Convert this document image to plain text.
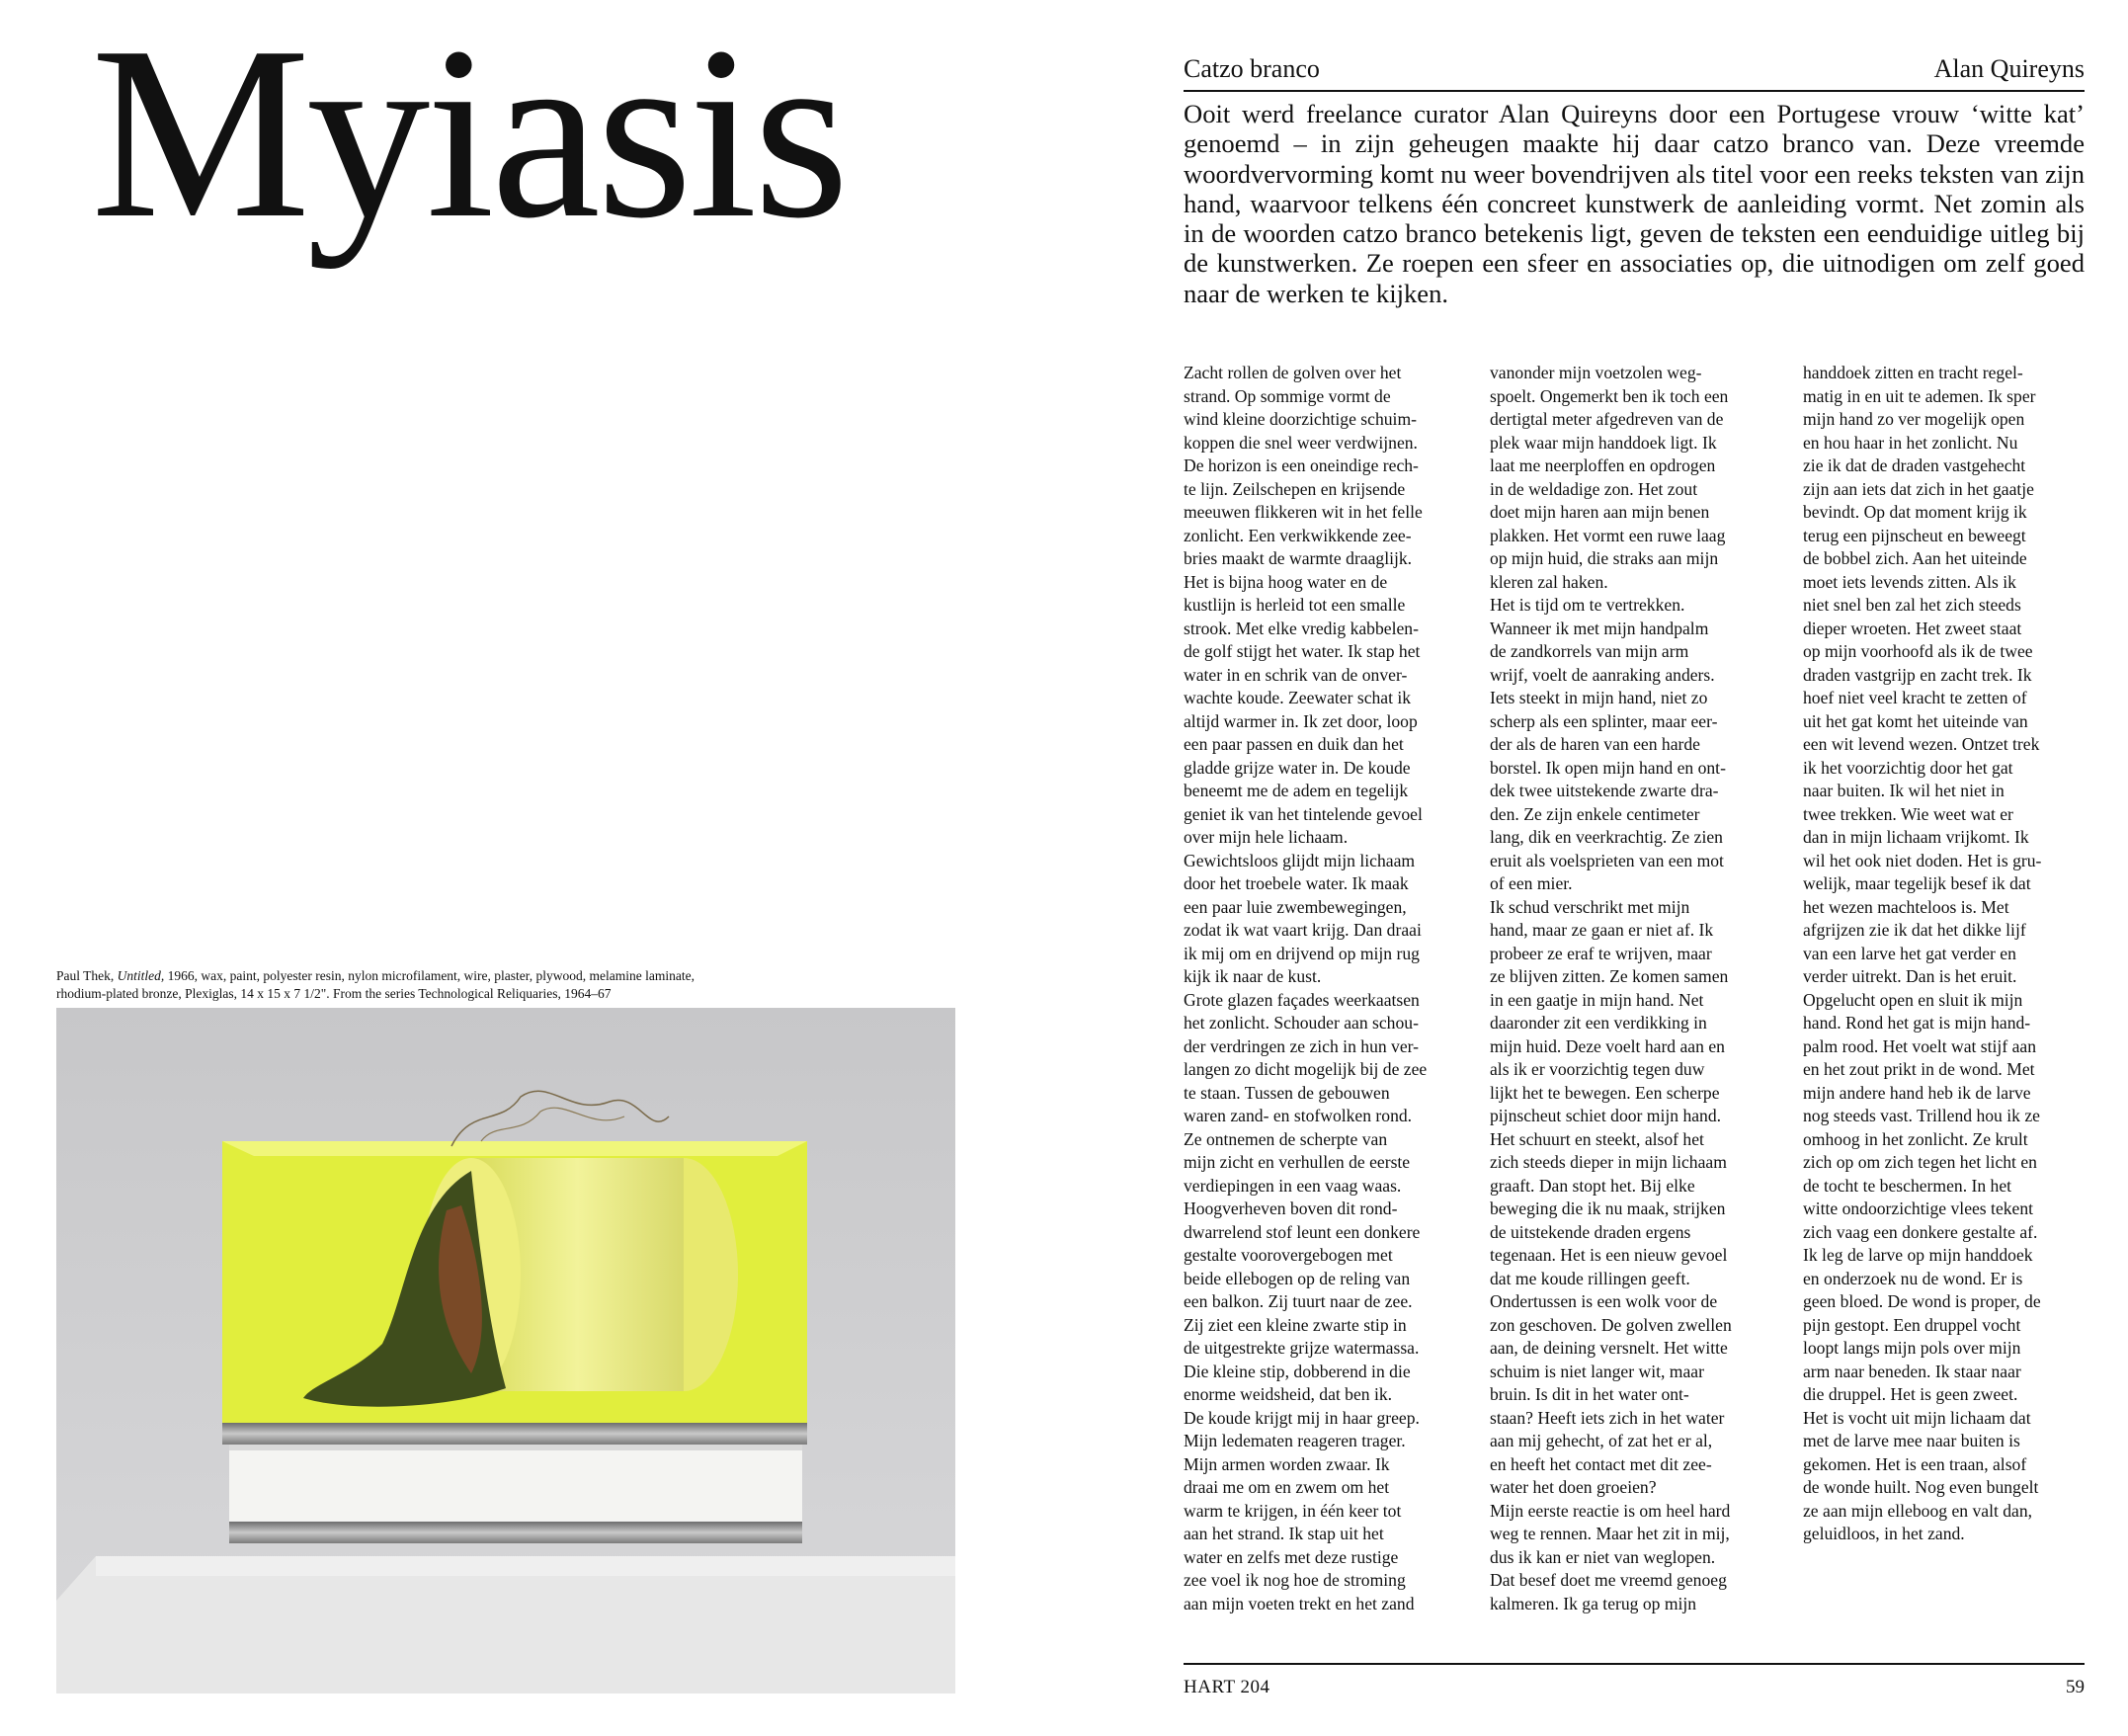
Myiasis
Paul Thek, Untitled, 1966, wax, paint, polyester resin, nylon microfilament, wire, plaster, plywood, melamine laminate,
rhodium-plated bronze, Plexiglas, 14 x 15 x 7 1/2". From the series Technological Reliquaries, 1964–67
Catzo branco	Alan Quireyns

Ooit werd freelance curator Alan Quireyns door een Portugese vrouw ‘witte kat’ genoemd – in zijn geheugen maakte hij daar catzo branco van. Deze vreemde woordvervorming komt nu weer bovendrijven als titel voor een reeks teksten van zijn hand, waarvoor telkens één concreet kunstwerk de aanleiding vormt. Net zomin als in de woorden catzo branco betekenis ligt, geven de teksten een eenduidige uitleg bij de kunstwerken. Ze roepen een sfeer en associaties op, die uitnodigen om zelf goed naar de werken te kijken.

Zacht rollen de golven over het

strand. Op sommige vormt de

wind kleine doorzichtige schuim-

koppen die snel weer verdwijnen.

De horizon is een oneindige rech-

te lijn. Zeilschepen en krijsende

meeuwen flikkeren wit in het felle

zonlicht. Een verkwikkende zee-

bries maakt de warmte draaglijk.

Het is bijna hoog water en de

kustlijn is herleid tot een smalle

strook. Met elke vredig kabbelen-

de golf stijgt het water. Ik stap het

water in en schrik van de onver-

wachte koude. Zeewater schat ik

altijd warmer in. Ik zet door, loop

een paar passen en duik dan het

gladde grijze water in. De koude

beneemt me de adem en tegelijk

geniet ik van het tintelende gevoel

over mijn hele lichaam.

Gewichtsloos glijdt mijn lichaam

door het troebele water. Ik maak

een paar luie zwembewegingen,

zodat ik wat vaart krijg. Dan draai

ik mij om en drijvend op mijn rug

kijk ik naar de kust.

Grote glazen façades weerkaatsen

het zonlicht. Schouder aan schou-

der verdringen ze zich in hun ver-

langen zo dicht mogelijk bij de zee

te staan. Tussen de gebouwen

waren zand- en stofwolken rond.

Ze ontnemen de scherpte van

mijn zicht en verhullen de eerste

verdiepingen in een vaag waas.

Hoogverheven boven dit rond-

dwarrelend stof leunt een donkere

gestalte voorovergebogen met

beide ellebogen op de reling van

een balkon. Zij tuurt naar de zee.

Zij ziet een kleine zwarte stip in

de uitgestrekte grijze watermassa.

Die kleine stip, dobberend in die

enorme weidsheid, dat ben ik.

De koude krijgt mij in haar greep.

Mijn ledematen reageren trager.

Mijn armen worden zwaar. Ik

draai me om en zwem om het

warm te krijgen, in één keer tot

aan het strand. Ik stap uit het

water en zelfs met deze rustige

zee voel ik nog hoe de stroming

aan mijn voeten trekt en het zand

vanonder mijn voetzolen weg-

spoelt. Ongemerkt ben ik toch een

dertigtal meter afgedreven van de

plek waar mijn handdoek ligt. Ik

laat me neerploffen en opdrogen

in de weldadige zon. Het zout

doet mijn haren aan mijn benen

plakken. Het vormt een ruwe laag

op mijn huid, die straks aan mijn

kleren zal haken.

Het is tijd om te vertrekken.

Wanneer ik met mijn handpalm

de zandkorrels van mijn arm

wrijf, voelt de aanraking anders.

Iets steekt in mijn hand, niet zo

scherp als een splinter, maar eer-

der als de haren van een harde

borstel. Ik open mijn hand en ont-

dek twee uitstekende zwarte dra-

den. Ze zijn enkele centimeter

lang, dik en veerkrachtig. Ze zien

eruit als voelsprieten van een mot

of een mier.

Ik schud verschrikt met mijn

hand, maar ze gaan er niet af. Ik

probeer ze eraf te wrijven, maar

ze blijven zitten. Ze komen samen

in een gaatje in mijn hand. Net

daaronder zit een verdikking in

mijn huid. Deze voelt hard aan en

als ik er voorzichtig tegen duw

lijkt het te bewegen. Een scherpe

pijnscheut schiet door mijn hand.

Het schuurt en steekt, alsof het

zich steeds dieper in mijn lichaam

graaft. Dan stopt het. Bij elke

beweging die ik nu maak, strijken

de uitstekende draden ergens

tegenaan. Het is een nieuw gevoel

dat me koude rillingen geeft.

Ondertussen is een wolk voor de

zon geschoven. De golven zwellen

aan, de deining versnelt. Het witte

schuim is niet langer wit, maar

bruin. Is dit in het water ont-

staan? Heeft iets zich in het water

aan mij gehecht, of zat het er al,

en heeft het contact met dit zee-

water het doen groeien?

Mijn eerste reactie is om heel hard

weg te rennen. Maar het zit in mij,

dus ik kan er niet van weglopen.

Dat besef doet me vreemd genoeg

kalmeren. Ik ga terug op mijn

handdoek zitten en tracht regel-

matig in en uit te ademen. Ik sper

mijn hand zo ver mogelijk open

en hou haar in het zonlicht. Nu

zie ik dat de draden vastgehecht

zijn aan iets dat zich in het gaatje

bevindt. Op dat moment krijg ik

terug een pijnscheut en beweegt

de bobbel zich. Aan het uiteinde

moet iets levends zitten. Als ik

niet snel ben zal het zich steeds

dieper wroeten. Het zweet staat

op mijn voorhoofd als ik de twee

draden vastgrijp en zacht trek. Ik

hoef niet veel kracht te zetten of

uit het gat komt het uiteinde van

een wit levend wezen. Ontzet trek

ik het voorzichtig door het gat

naar buiten. Ik wil het niet in

twee trekken. Wie weet wat er

dan in mijn lichaam vrijkomt. Ik

wil het ook niet doden. Het is gru-

welijk, maar tegelijk besef ik dat

het wezen machteloos is. Met

afgrijzen zie ik dat het dikke lijf

van een larve het gat verder en

verder uitrekt. Dan is het eruit.

Opgelucht open en sluit ik mijn

hand. Rond het gat is mijn hand-

palm rood. Het voelt wat stijf aan

en het zout prikt in de wond. Met

mijn andere hand heb ik de larve

nog steeds vast. Trillend hou ik ze

omhoog in het zonlicht. Ze krult

zich op om zich tegen het licht en

de tocht te beschermen. In het

witte ondoorzichtige vlees tekent

zich vaag een donkere gestalte af.

Ik leg de larve op mijn handdoek

en onderzoek nu de wond. Er is

geen bloed. De wond is proper, de

pijn gestopt. Een druppel vocht

loopt langs mijn pols over mijn

arm naar beneden. Ik staar naar

die druppel. Het is geen zweet.

Het is vocht uit mijn lichaam dat

met de larve mee naar buiten is

gekomen. Het is een traan, alsof

de wonde huilt. Nog even bungelt

ze aan mijn elleboog en valt dan,

geluidloos, in het zand.

HART 204	59
